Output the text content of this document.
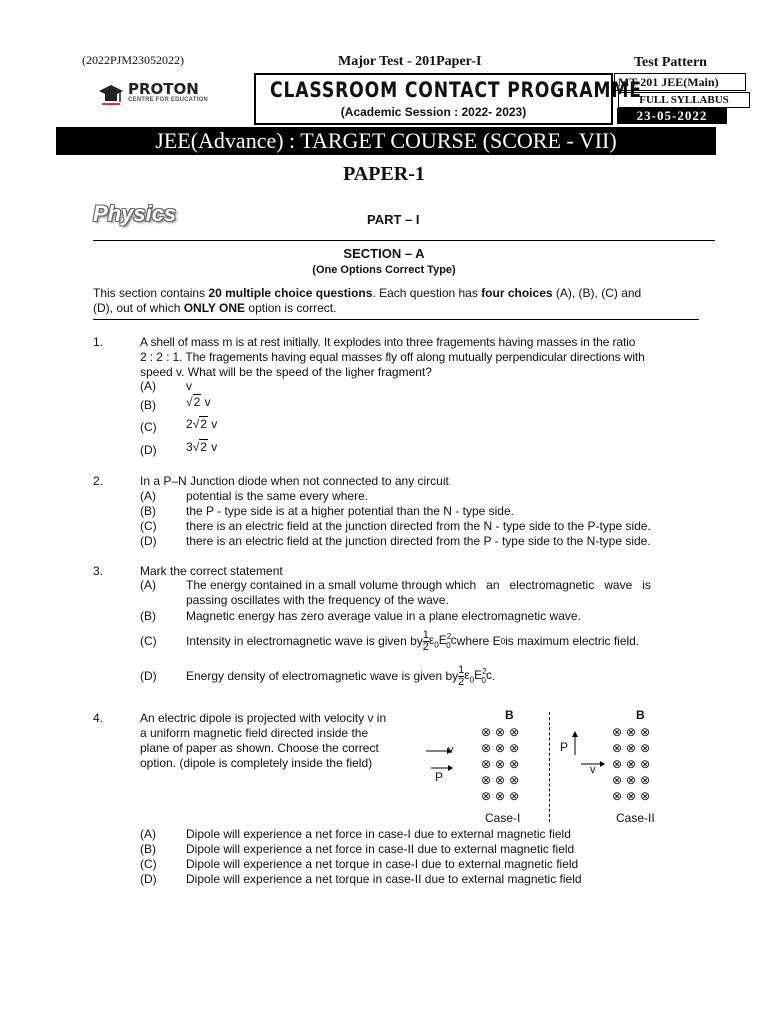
(2022PJM23052022)	Major Test - 201Paper-I	Test Pattern
PROTON
CENTRE FOR EDUCATION	CLASSROOM CONTACT PROGRAMME
(Academic Session : 2022- 2023)
MT-201 JEE(Main)
FULL SYLLABUS
23-05-2022
JEE(Advance) : TARGET COURSE (SCORE - VII)
PAPER-1
Physics	PART – I
SECTION – A
(One Options Correct Type)
This section contains 20 multiple choice questions. Each question has four choices (A), (B), (C) and
(D), out of which ONLY ONE option is correct.
1.	A shell of mass m is at rest initially. It explodes into three fragements having masses in the ratio
2 : 2 : 1. The fragements having equal masses fly off along mutually perpendicular directions with
speed v. What will be the speed of the ligher fragment?
(A)	v
(B)	√2 v
(C) 2√2 v
(D) 3√2 v
2.	In a P–N Junction diode when not connected to any circuit
(A)
(B)
(C)
(D)
potential is the same every where.
the P - type side is at a higher potential than the N - type side.
there is an electric field at the junction directed from the N - type side to the P-type side.
there is an electric field at the junction directed from the P - type side to the N-type side.
3.	Mark the correct statement
(A)	The energy contained in a small volume through which   an   electromagnetic   wave   is
passing oscillates with the frequency of the wave.
(B)	Magnetic energy has zero average value in a plane electromagnetic wave.
(C) Intensity in electromagnetic wave is given by $\frac{1}{2} \varepsilon_0E^2_0c$ where E 0 is maximum electric field.
(D) Energy density of electromagnetic wave is given by $\frac{1}{2} \varepsilon_0E^2_0c$ .
4.	An electric dipole is projected with velocity v in
a uniform magnetic field directed inside the
plane of paper as shown. Choose the correct
option. (dipole is completely inside the field)
B
⊗⊗⊗
⊗⊗⊗
⊗⊗⊗
⊗⊗⊗
⊗⊗⊗
v
P
Case-I
B
⊗⊗⊗
⊗⊗⊗
⊗⊗⊗
⊗⊗⊗
⊗⊗⊗
P
v
Case-II
(A)
(B)
(C)
(D)
Dipole will experience a net force in case-I due to external magnetic field
Dipole will experience a net force in case-II due to external magnetic field
Dipole will experience a net torque in case-I due to external magnetic field
Dipole will experience a net torque in case-II due to external magnetic field
